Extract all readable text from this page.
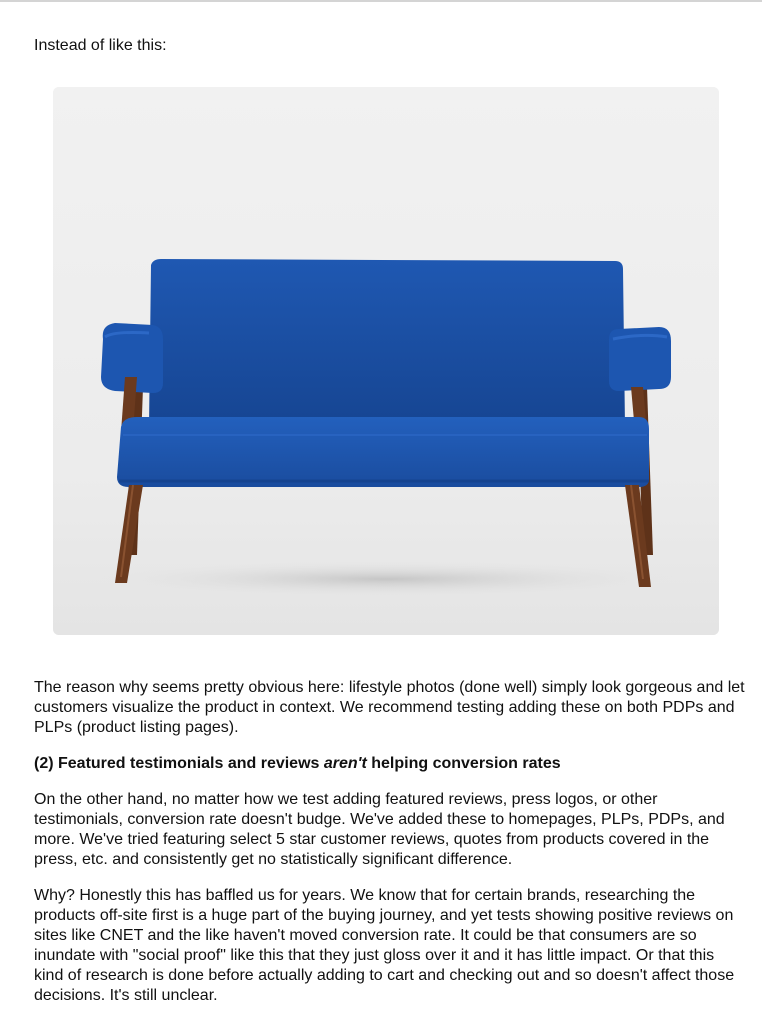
Instead of like this:

The reason why seems pretty obvious here: lifestyle photos (done well) simply look gorgeous and let customers visualize the product in context. We recommend testing adding these on both PDPs and PLPs (product listing pages).

(2) Featured testimonials and reviews aren't helping conversion rates

On the other hand, no matter how we test adding featured reviews, press logos, or other testimonials, conversion rate doesn't budge. We've added these to homepages, PLPs, PDPs, and more. We've tried featuring select 5 star customer reviews, quotes from products covered in the press, etc. and consistently get no statistically significant difference.

Why? Honestly this has baffled us for years. We know that for certain brands, researching the products off-site first is a huge part of the buying journey, and yet tests showing positive reviews on sites like CNET and the like haven't moved conversion rate. It could be that consumers are so inundate with "social proof" like this that they just gloss over it and it has little impact. Or that this kind of research is done before actually adding to cart and checking out and so doesn't affect those decisions. It's still unclear.
